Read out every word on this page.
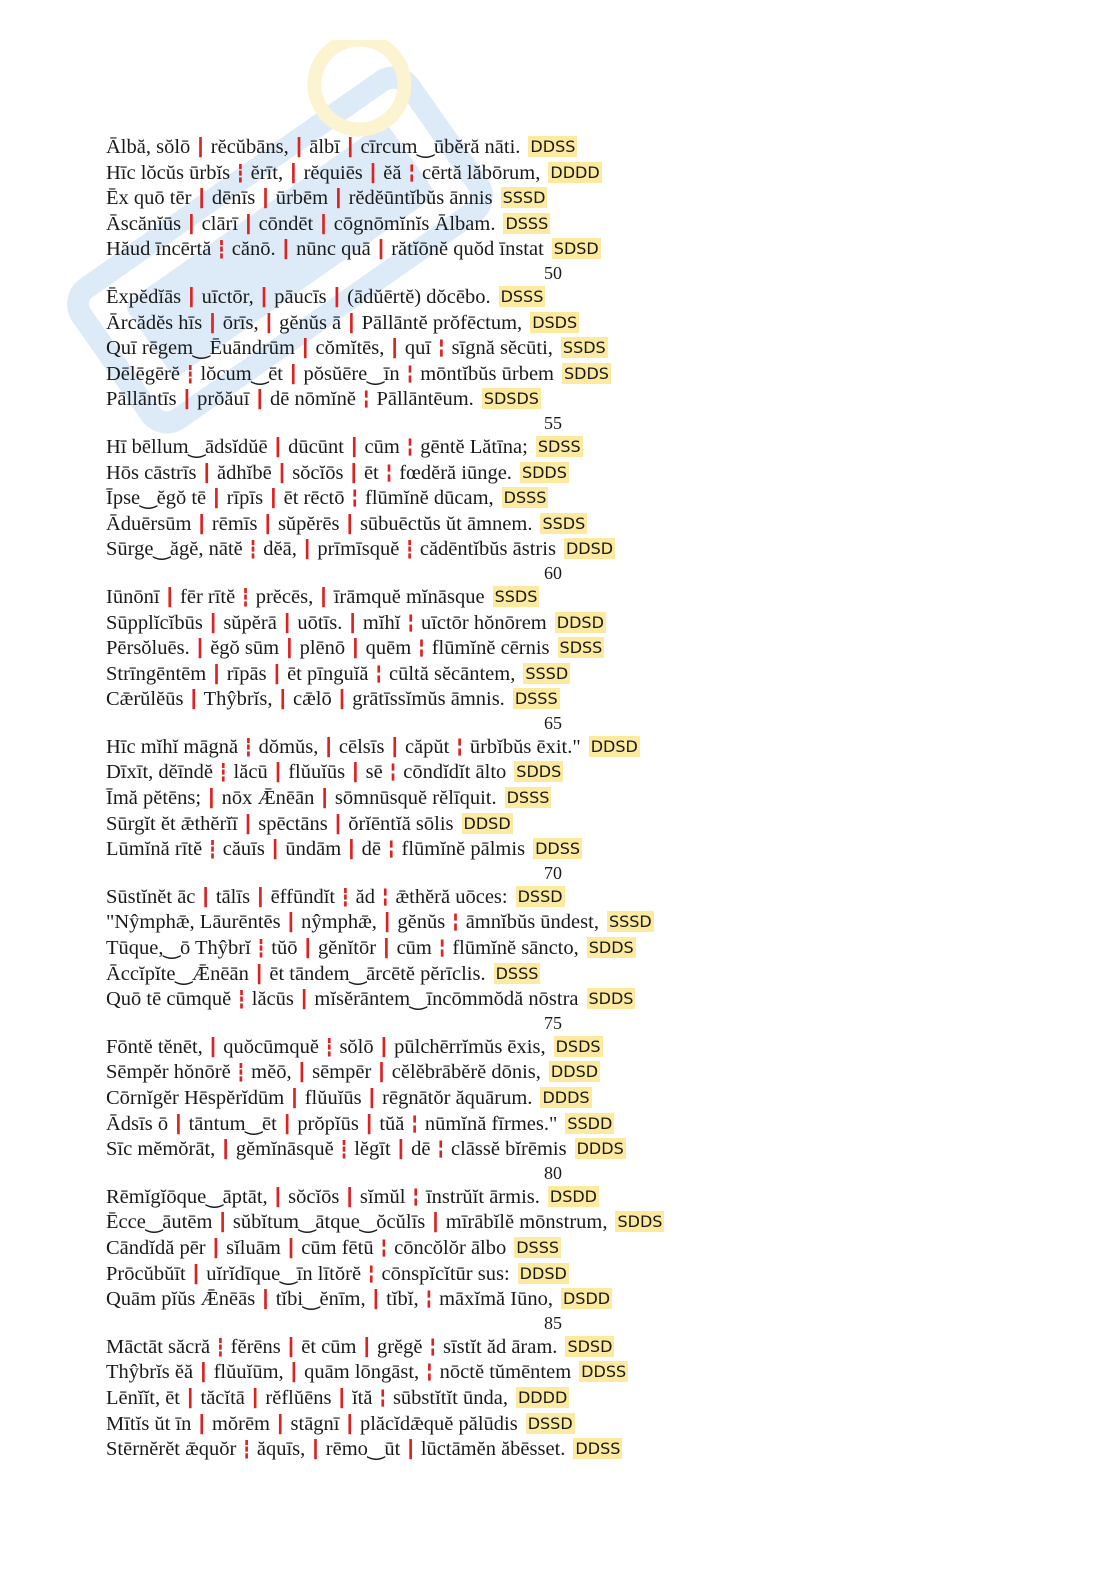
Ālbă, sŏlō ┃ rĕcŭbāns, ┃ ālbī ┃ cīrcum‿ūbĕră nāti. DDSS
Hīc lŏcŭs ūrbĭs ┇ ĕrīt, ┃ rĕquiēs ┃ ĕă ╏ cērtă lăbōrum, DDDD
Ēx quō tēr ┃ dēnīs ┃ ūrbēm ┃ rĕdĕūntĭbŭs ānnis SSSD
Āscănĭūs ┃ clārī ┃ cōndēt ┃ cōgnōmĭnĭs Ālbam. DSSS
Hăud īncērtă ┇ cănō. ┃ nūnc quā ┃ rătĭōnĕ quŏd īnstat SDSD
50
Ēxpĕdĭās ┃ uīctōr, ┃ pāucīs ┃ (ādŭērtĕ) dŏcēbo. DSSS
Ārcădĕs hīs ┃ ōrīs, ┃ gĕnŭs ā ┃ Pāllāntĕ prŏfēctum, DSDS
Quī rēgem‿Ēuāndrūm ┃ cŏmĭtēs, ┃ quī ╏ sīgnă sĕcūti, SSDS
Dēlēgērĕ ┇ lŏcum‿ēt ┃ pŏsŭēre‿īn ╏ mōntĭbŭs ūrbem SDDS
Pāllāntīs ┃ prŏăuī ┃ dē nōmĭnĕ ╏ Pāllāntēum. SDSDS
55
Hī bēllum‿ādsĭdŭē ┃ dūcūnt ┃ cūm ╏ gēntĕ Lătīna; SDSS
Hōs cāstrīs ┃ ădhĭbē ┃ sŏcĭōs ┃ ēt ╏ fœdĕră iūnge. SDDS
Īpse‿ĕgŏ tē ┃ rīpīs ┃ ēt rēctō ╏ flūmĭnĕ dūcam, DSSS
Āduērsūm ┃ rēmīs ┃ sŭpĕrēs ┃ sūbuēctŭs ŭt āmnem. SSDS
Sūrge‿ăgĕ, nātĕ ┇ dĕā, ┃ prīmīsquĕ ┇ cădēntĭbŭs āstris DDSD
60
Iūnōnī ┃ fēr rītĕ ┇ prĕcēs, ┃ īrāmquĕ mĭnāsque SSDS
Sūpplĭcĭbūs ┃ sŭpĕrā ┃ uōtīs. ┃ mĭhĭ ╏ uīctōr hŏnōrem DDSD
Pērsŏluēs. ┃ ĕgŏ sūm ┃ plēnō ┃ quēm ╏ flūmĭnĕ cērnis SDSS
Strīngēntēm ┃ rīpās ┃ ēt pīnguĭă ╏ cūltă sĕcāntem, SSSD
Cǣrŭlĕūs ┃ Thŷbrĭs, ┃ cǣlō ┃ grātīssĭmŭs āmnis. DSSS
65
Hīc mĭhĭ māgnă ┇ dŏmŭs, ┃ cēlsīs ┃ căpŭt ╏ ūrbĭbŭs ēxit." DDSD
Dīxīt, dĕīndĕ ┇ lăcū ┃ flŭuĭūs ┃ sē ╏ cōndĭdĭt ālto SDDS
Īmă pĕtēns; ┃ nōx Ǣnēān ┃ sōmnūsquĕ rĕlīquit. DSSS
Sūrgĭt ĕt ǣthĕrĭī ┃ spēctāns ┃ ŏrĭēntĭă sōlis DDSD
Lūmĭnă rītĕ ┇ căuīs ┃ ūndām ┃ dē ╏ flūmĭnĕ pālmis DDSS
70
Sūstĭnĕt āc ┃ tālīs ┃ ēffūndĭt ┇ ăd ╏ ǣthĕră uōces: DSSD
"Nŷmphǣ, Lāurēntēs ┃ nŷmphǣ, ┃ gĕnŭs ╏ āmnĭbŭs ūndest, SSSD
Tūque,‿ō Thŷbrĭ ┇ tŭō ┃ gĕnĭtōr ┃ cūm ╏ flūmĭnĕ sāncto, SDDS
Āccĭpĭte‿Ǣnēān ┃ ēt tāndem‿ārcētĕ pĕrīclis. DSSS
Quō tē cūmquĕ ┇ lăcūs ┃ mĭsĕrāntem‿īncōmmŏdă nōstra SDDS
75
Fōntĕ tĕnēt, ┃ quŏcūmquĕ ┇ sŏlō ┃ pūlchērrĭmŭs ēxis, DSDS
Sēmpĕr hŏnōrĕ ┇ mĕō, ┃ sēmpēr ┃ cĕlĕbrābĕrĕ dōnis, DDSD
Cōrnĭgĕr Hēspĕrĭdūm ┃ flŭuĭūs ┃ rēgnātŏr ăquārum. DDDS
Ādsīs ō ┃ tāntum‿ēt ┃ prŏpĭūs ┃ tŭă ╏ nūmĭnă fīrmes." SSDD
Sīc mĕmŏrāt, ┃ gĕmĭnāsquĕ ┇ lĕgīt ┃ dē ╏ clāssĕ bĭrēmis DDDS
80
Rēmĭgĭōque‿āptāt, ┃ sŏcĭōs ┃ sĭmŭl ╏ īnstrŭĭt ārmis. DSDD
Ēcce‿āutēm ┃ sŭbĭtum‿ātque‿ŏcŭlīs ┃ mīrābĭlĕ mōnstrum, SDDS
Cāndĭdă pēr ┃ sĭluām ┃ cūm fētū ╏ cōncŏlŏr ālbo DSSS
Prōcŭbŭīt ┃ uĭrĭdīque‿īn lītŏrĕ ╏ cōnspĭcĭtūr sus: DDSD
Quām pĭŭs Ǣnēās ┃ tĭbi‿ĕnīm, ┃ tĭbĭ, ╏ māxĭmă Iūno, DSDD
85
Māctāt săcră ┇ fĕrēns ┃ ēt cūm ┃ grĕgĕ ╏ sīstĭt ăd āram. SDSD
Thŷbrĭs ĕă ┃ flŭuĭūm, ┃ quām lōngāst, ╏ nōctĕ tŭmēntem DDSS
Lēnĭĭt, ēt ┃ tăcĭtā ┃ rĕflŭēns ┃ ĭtă ╏ sūbstĭtĭt ūnda, DDDD
Mītĭs ŭt īn ┃ mŏrēm ┃ stāgnī ┃ plăcĭdǣquĕ pălūdis DSSD
Stērnĕrĕt ǣquŏr ┇ ăquīs, ┃ rēmo‿ūt ┃ lūctāmĕn ăbēsset. DDSS
